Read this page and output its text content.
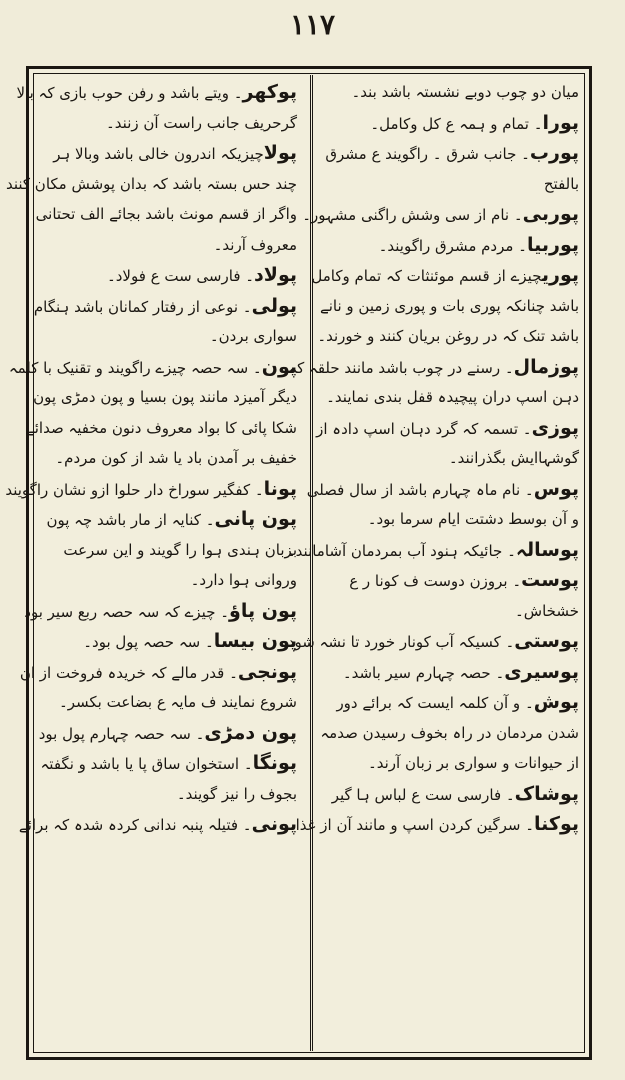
١١٧
میان دو چوب دوبے نشستہ باشد بند۔
پورا۔ تمام و ہمہ ع کل وکامل۔
پورب۔ جانب شرق ۔ راگویند ع مشرق
بالفتح
پوربی۔ نام از سی وشش راگنی مشہور۔
پوربیا۔ مردم مشرق راگویند۔
پوریچیزے از قسم موئنثات کہ تمام وکامل
باشد چنانکہ پوری بات و پوری زمین و نانے
باشد تنک کہ در روغن بریان کنند و خورند۔
پوزمال۔ رسنے در چوب باشد مانند حلقہ کہ
دہن اسپ دران پیچیدہ قفل بندی نمایند۔
پوزی۔ تسمہ کہ گرد دہان اسپ دادہ از
گوشہاایش بگذرانند۔
پوس۔ نام ماہ چہارم باشد از سال فصلی
و آن بوسط دشتت ایام سرما بود۔
پوسالہ۔ جائیکہ ہنود آب بمردمان آشامانند۔
پوست۔ بروزن دوست ف کونا ر ع
خشخاش۔
پوستی۔ کسیکہ آب کونار خورد تا نشہ شود۔
پوسیری۔ حصہ چہارم سیر باشد۔
پوش۔ و آن کلمہ ایست کہ برائے دور
شدن مردمان در راہ بخوف رسیدن صدمہ
از حیوانات و سواری بر زبان آرند۔
پوشاک۔ فارسی ست ع لباس ہا گیر
پوکنا۔ سرگین کردن اسپ و مانند آن از غذا
پوکھر۔ ویتے باشد و رفن حوب بازی کہ بالا
گرحریف جانب راست آن زنند۔
پولاچیزیکہ اندرون خالی باشد وبالا ہر
چند حس بستہ باشد کہ بدان پوشش مکان کنند
واگر از قسم مونث باشد بجائے الف تحتانی
معروف آرند۔
پولاد۔ فارسی ست ع فولاد۔
پولی۔ نوعی از رفتار کمانان باشد ہنگام
سواری بردن۔
پون۔ سہ حصہ چیزے راگویند و تقنیک با کلمہ
دیگر آمیزد مانند پون بسیا و پون دمڑی پون
شکا پائی کا بواد معروف دنون مخفیہ صدائے
خفیف بر آمدن باد یا شد از کون مردم۔
پونا۔ کفگیر سوراخ دار حلوا ازو نشان راگویند
پون پانی۔ کنایہ از مار باشد چہ پون
بزبان ہندی ہوا را گویند و این سرعت
وروانی ہوا دارد۔
پون پاؤ۔ چیزے کہ سہ حصہ ربع سیر بود
پون بیسا۔ سہ حصہ پول بود۔
پونجی۔ قدر مالے کہ خریدہ فروخت از ان
شروع نمایند ف مایہ ع بضاعت بکسر۔
پون دمڑی۔ سہ حصہ چہارم پول بود
پونگا۔ استخوان ساق پا یا باشد و نگفتہ
بجوف را نیز گویند۔
پونی۔ فتیلہ پنبہ ندانی کردہ شدہ کہ برائے
